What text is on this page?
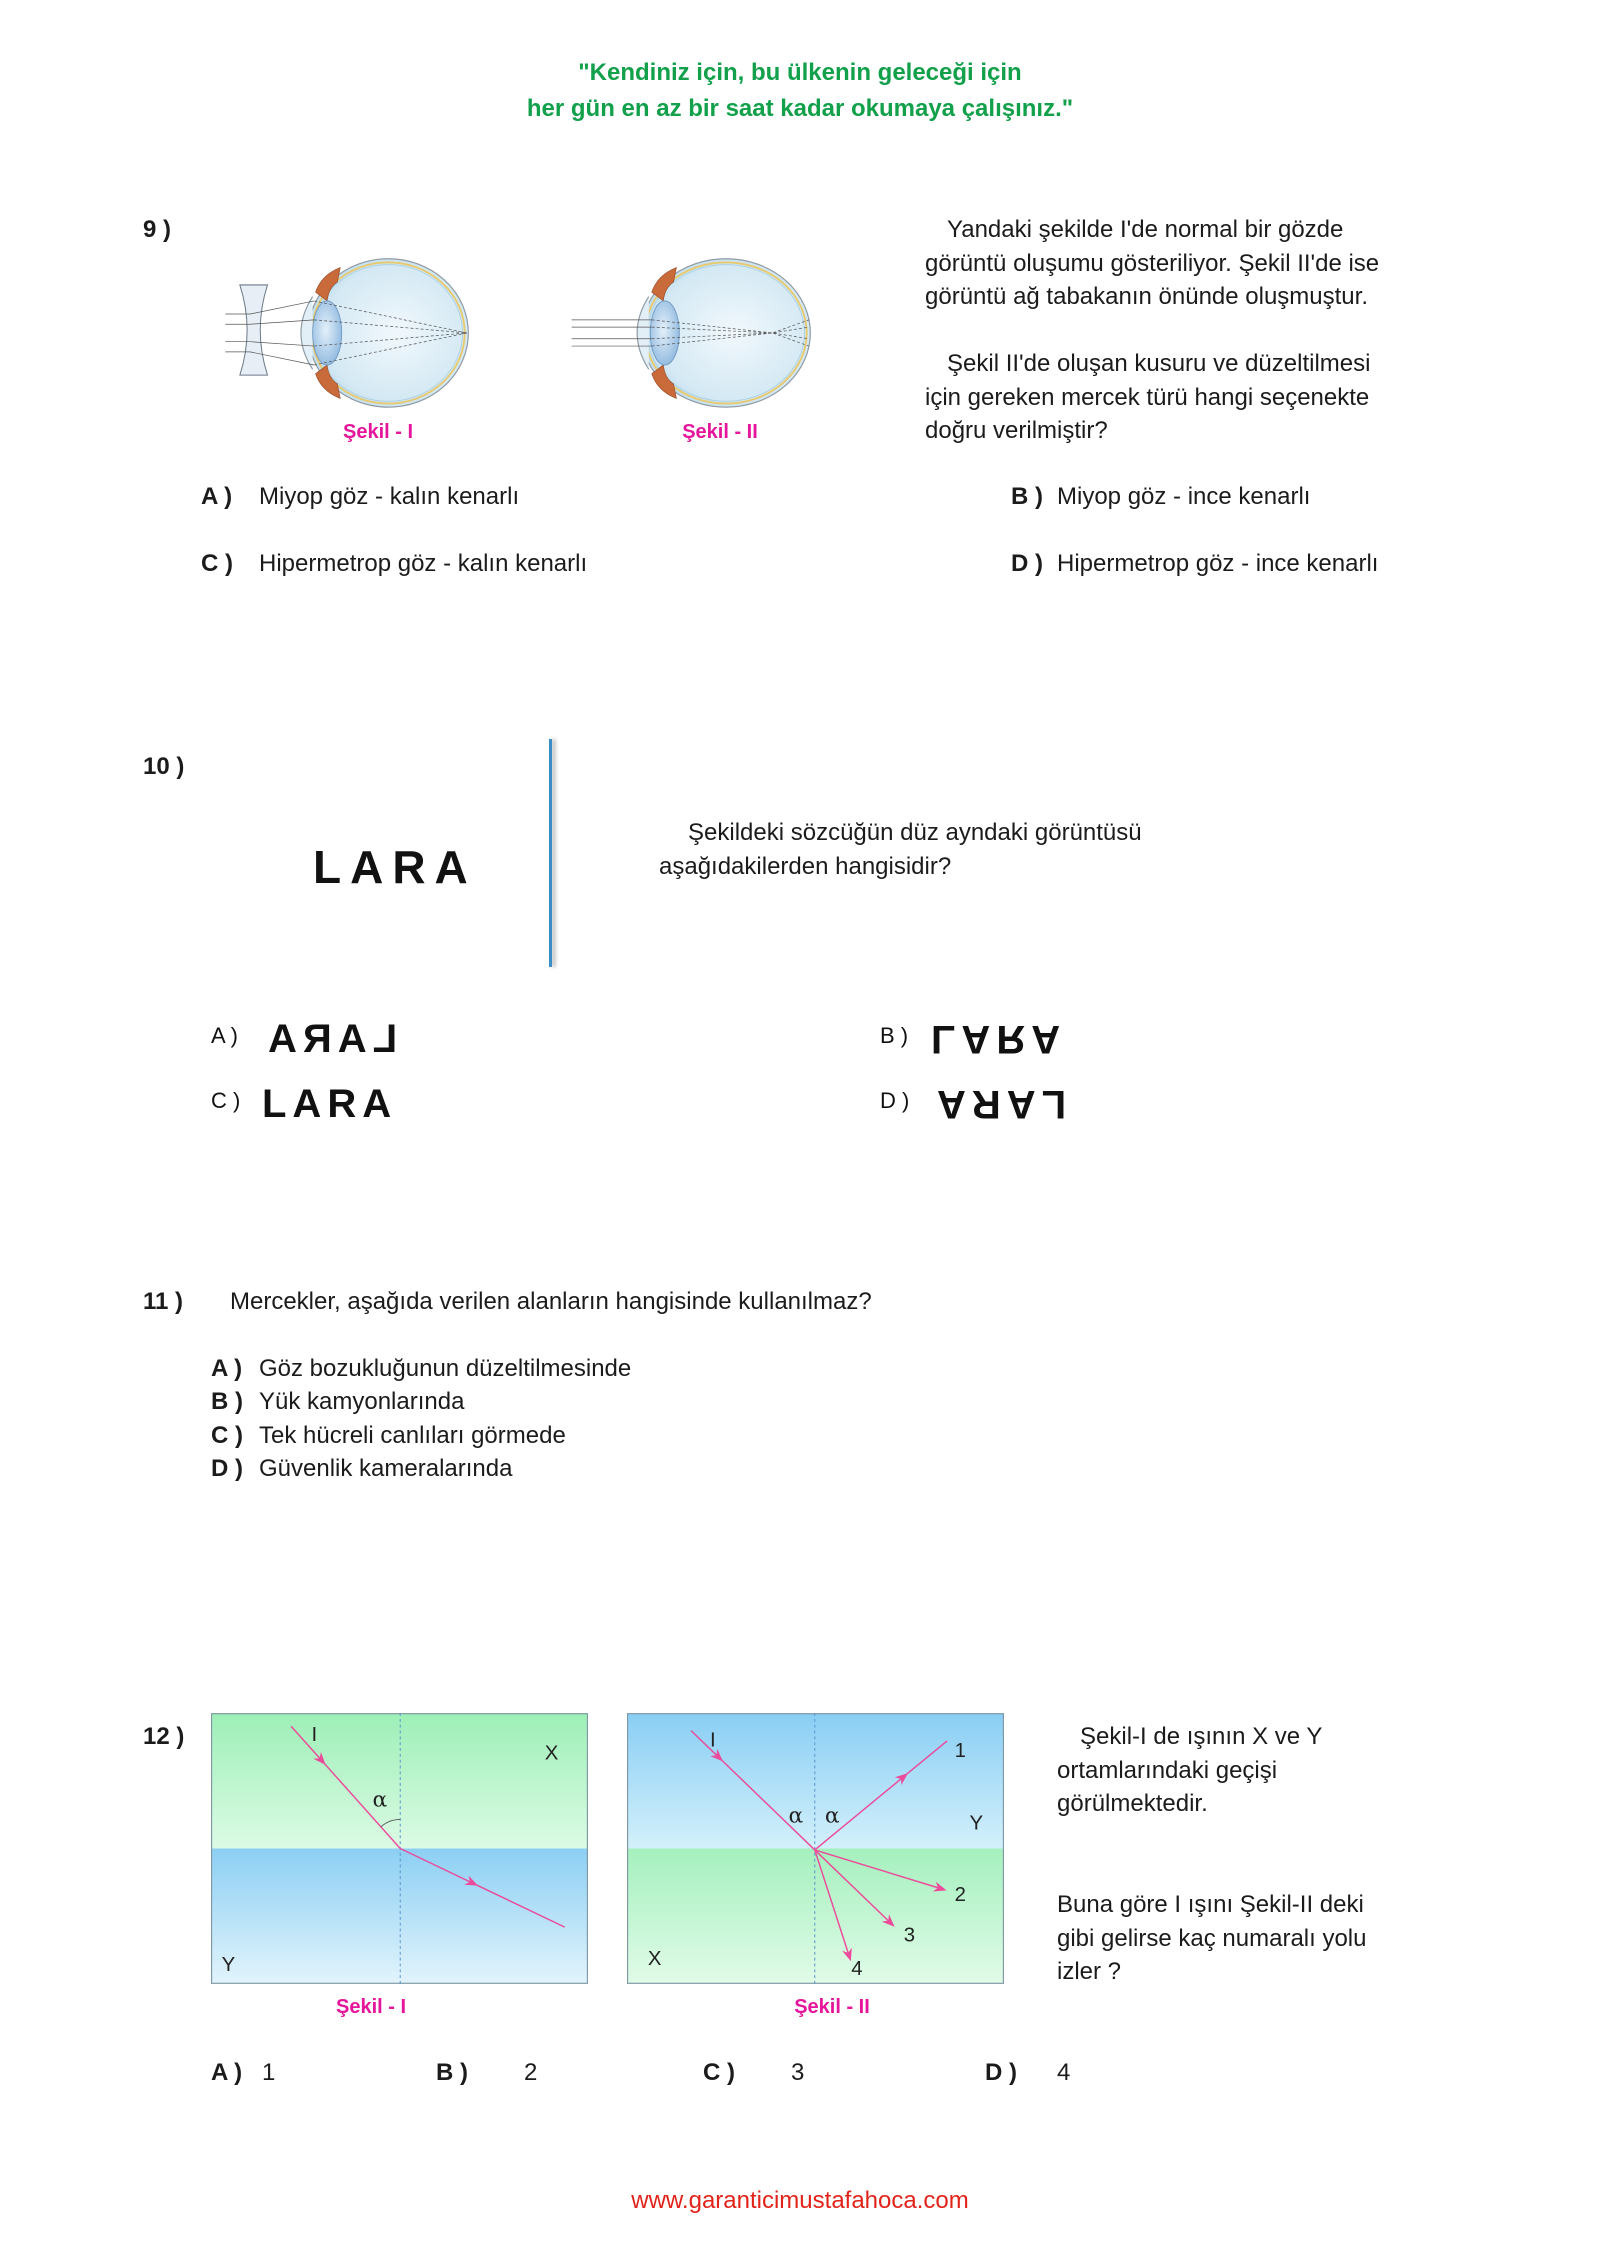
"Kendiniz için, bu ülkenin geleceği için
her gün en az bir saat kadar okumaya çalışınız."
9 )
Şekil - I	Şekil - II
Yandaki şekilde I'de normal bir gözde
görüntü oluşumu gösteriliyor. Şekil II'de ise
görüntü ağ tabakanın önünde oluşmuştur.
Şekil II'de oluşan kusuru ve düzeltilmesi
için gereken mercek türü hangi seçenekte
doğru verilmiştir?
A ) Miyop göz - kalın kenarlı	B ) Miyop göz - ince kenarlı
C ) Hipermetrop göz - kalın kenarlı	D ) Hipermetrop göz - ince kenarlı
10 )
LARA
Şekildeki sözcüğün düz ayndaki görüntüsü
aşağıdakilerden hangisidir?
A ) LARA	B ) LARA
C ) LARA	D ) LARA
11 ) Mercekler, aşağıda verilen alanların hangisinde kullanılmaz?
A ) Göz bozukluğunun düzeltilmesinde
B ) Yük kamyonlarında
C ) Tek hücreli canlıları görmede
D ) Güvenlik kameralarında
12 )	I
α
X
Y
I
α α
1
2
3
4
Y
X
Şekil - I	Şekil - II
Şekil-I de ışının X ve Y
ortamlarındaki geçişi
görülmektedir.
Buna göre I ışını Şekil-II deki
gibi gelirse kaç numaralı yolu
izler ?
A ) 1	B ) 2	C ) 3	D ) 4
www.garanticimustafahoca.com
